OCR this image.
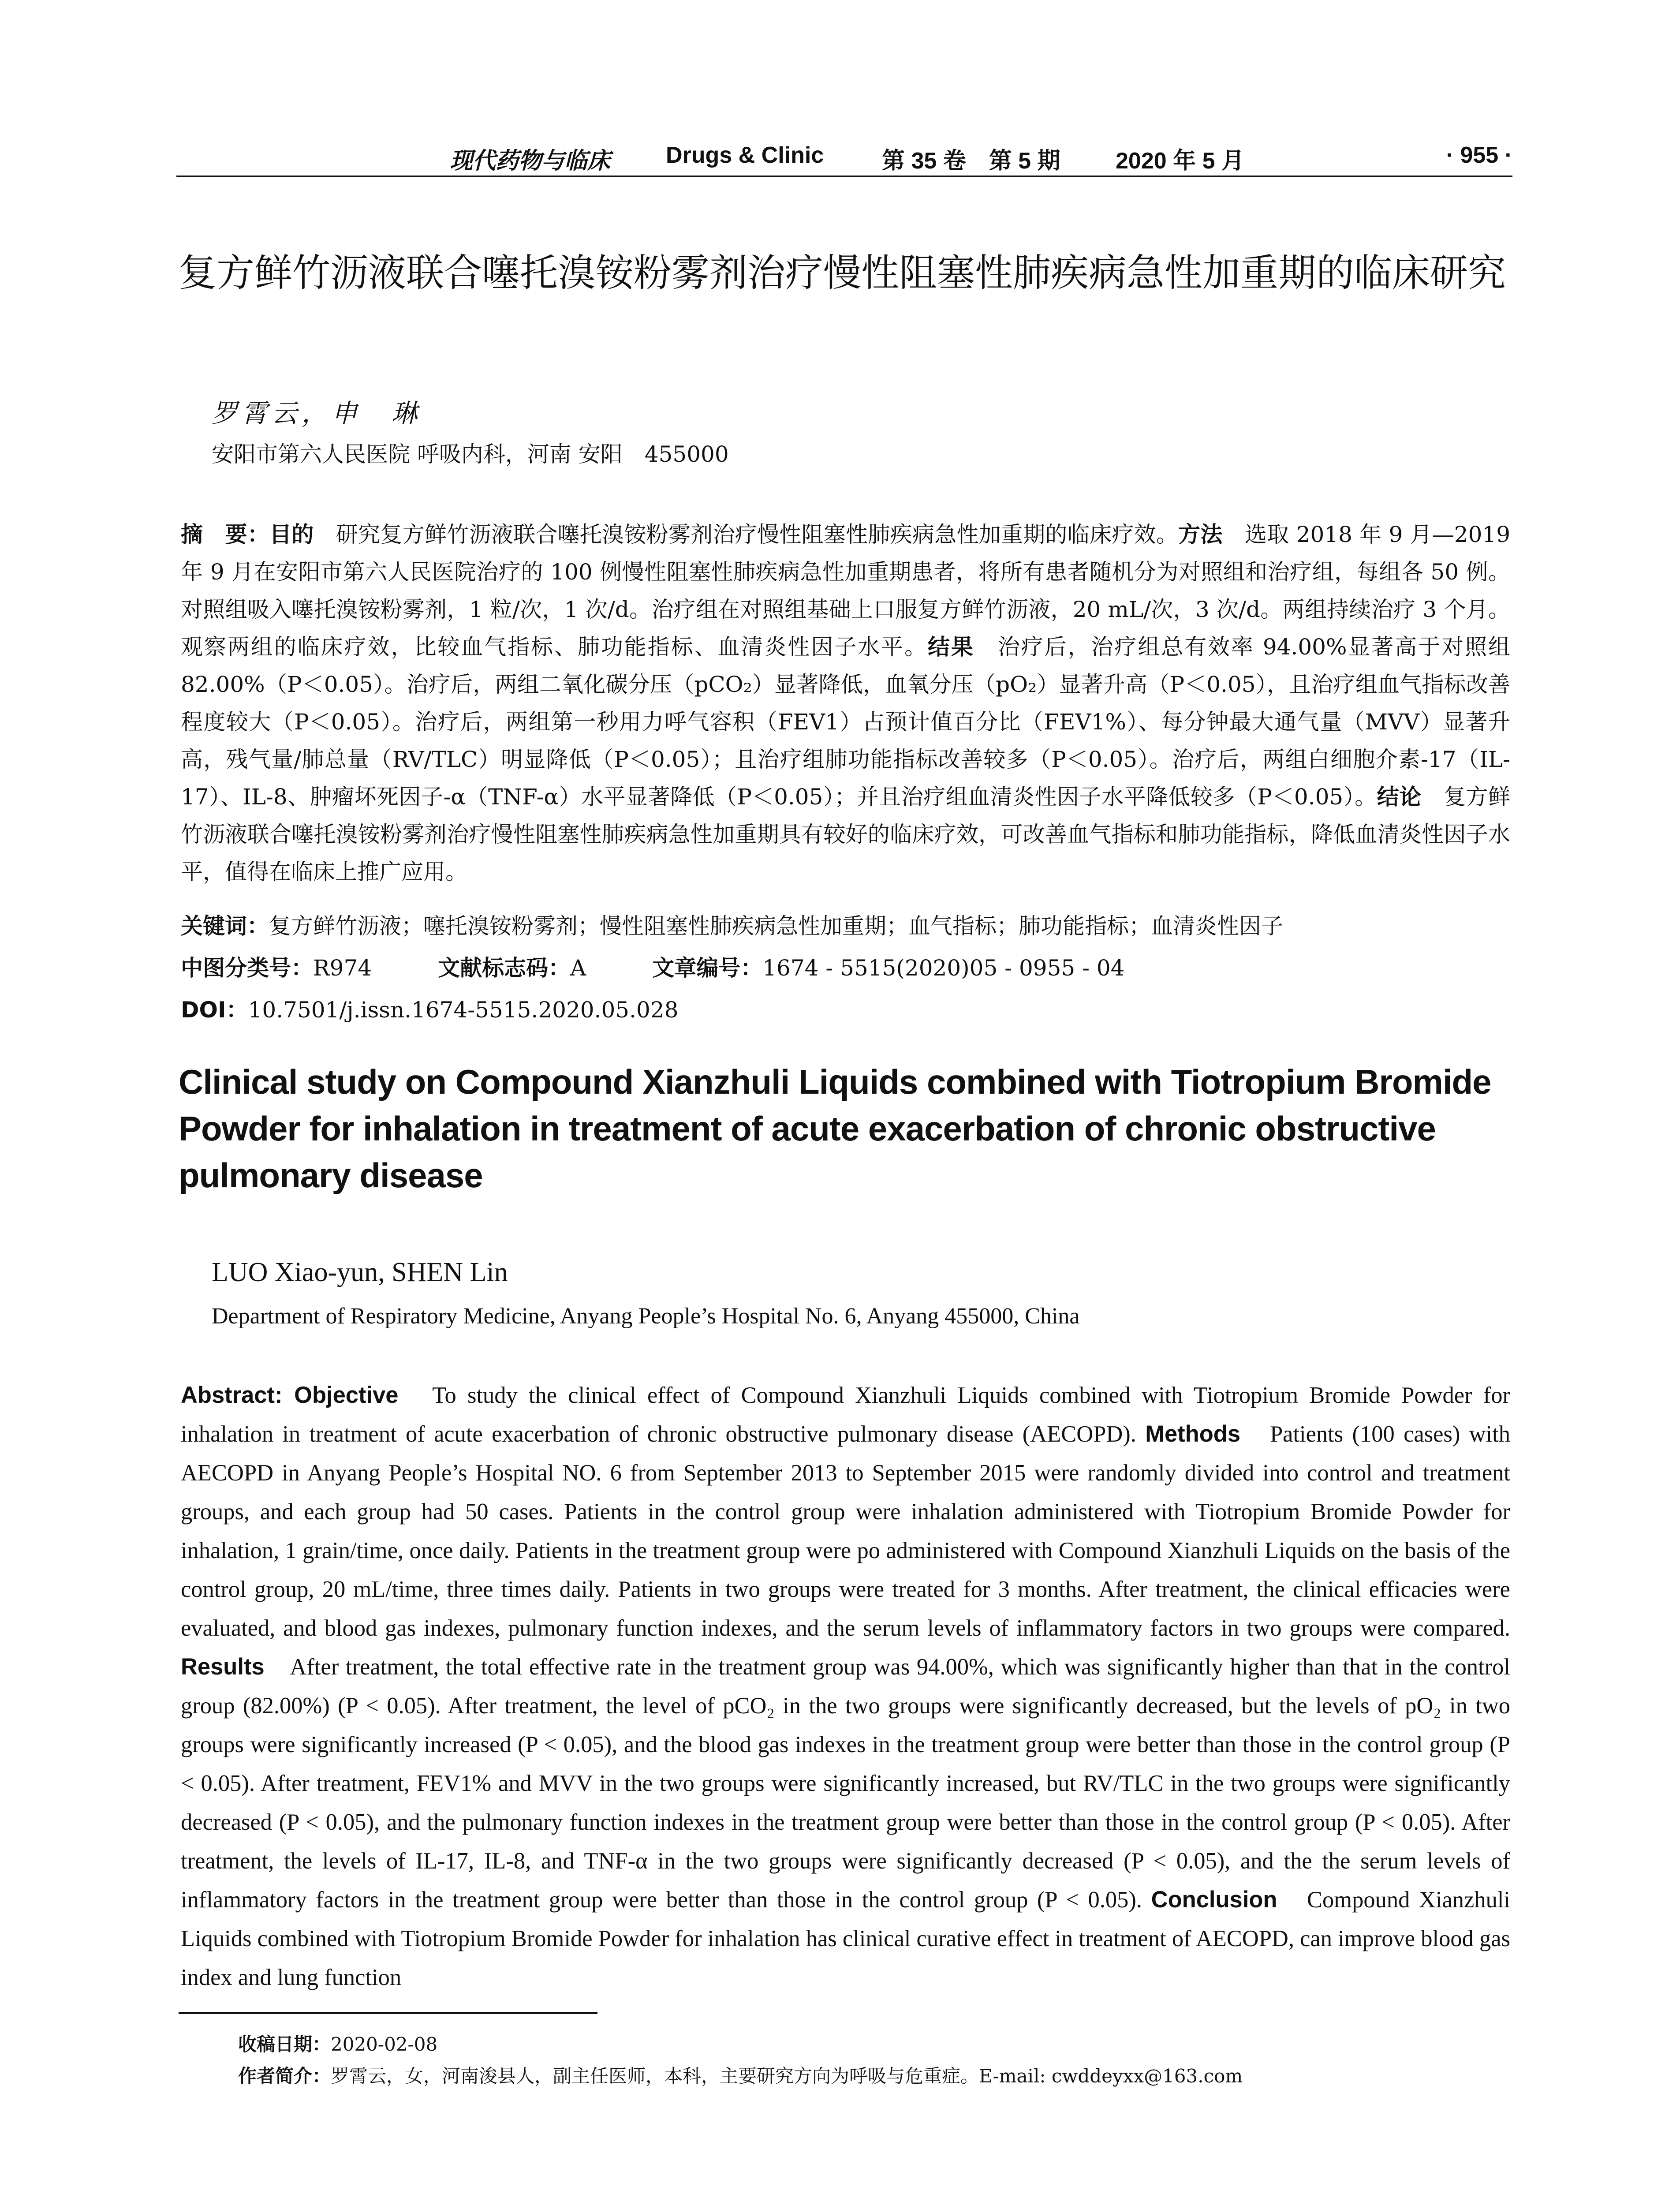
现代药物与临床 Drugs & Clinic	第 35 卷　第 5 期 2020 年 5 月	· 955 ·
复方鲜竹沥液联合噻托溴铵粉雾剂治疗慢性阻塞性肺疾病急性加重期的临床研究
罗霄云，申　琳
安阳市第六人民医院 呼吸内科，河南 安阳　455000

摘　要：目的　研究复方鲜竹沥液联合噻托溴铵粉雾剂治疗慢性阻塞性肺疾病急性加重期的临床疗效。方法　选取 2018 年 9 月—2019 年 9 月在安阳市第六人民医院治疗的 100 例慢性阻塞性肺疾病急性加重期患者，将所有患者随机分为对照组和治疗组，每组各 50 例。对照组吸入噻托溴铵粉雾剂，1 粒/次，1 次/d。治疗组在对照组基础上口服复方鲜竹沥液，20 mL/次，3 次/d。两组持续治疗 3 个月。观察两组的临床疗效，比较血气指标、肺功能指标、血清炎性因子水平。结果　治疗后，治疗组总有效率 94.00%显著高于对照组 82.00%（P＜0.05）。治疗后，两组二氧化碳分压（pCO₂）显著降低，血氧分压（pO₂）显著升高（P＜0.05），且治疗组血气指标改善程度较大（P＜0.05）。治疗后，两组第一秒用力呼气容积（FEV1）占预计值百分比（FEV1%）、每分钟最大通气量（MVV）显著升高，残气量/肺总量（RV/TLC）明显降低（P＜0.05）；且治疗组肺功能指标改善较多（P＜0.05）。治疗后，两组白细胞介素-17（IL-17）、IL-8、肿瘤坏死因子-α（TNF-α）水平显著降低（P＜0.05）；并且治疗组血清炎性因子水平降低较多（P＜0.05）。结论　复方鲜竹沥液联合噻托溴铵粉雾剂治疗慢性阻塞性肺疾病急性加重期具有较好的临床疗效，可改善血气指标和肺功能指标，降低血清炎性因子水平，值得在临床上推广应用。

关键词：复方鲜竹沥液；噻托溴铵粉雾剂；慢性阻塞性肺疾病急性加重期；血气指标；肺功能指标；血清炎性因子
中图分类号：R974	文献标志码：A	文章编号：1674 - 5515(2020)05 - 0955 - 04
DOI：10.7501/j.issn.1674-5515.2020.05.028
Clinical study on Compound Xianzhuli Liquids combined with Tiotropium Bromide Powder for inhalation in treatment of acute exacerbation of chronic obstructive pulmonary disease
LUO Xiao-yun, SHEN Lin
Department of Respiratory Medicine, Anyang People’s Hospital No. 6, Anyang 455000, China

Abstract: Objective　To study the clinical effect of Compound Xianzhuli Liquids combined with Tiotropium Bromide Powder for inhalation in treatment of acute exacerbation of chronic obstructive pulmonary disease (AECOPD). Methods　Patients (100 cases) with AECOPD in Anyang People’s Hospital NO. 6 from September 2013 to September 2015 were randomly divided into control and treatment groups, and each group had 50 cases. Patients in the control group were inhalation administered with Tiotropium Bromide Powder for inhalation, 1 grain/time, once daily. Patients in the treatment group were po administered with Compound Xianzhuli Liquids on the basis of the control group, 20 mL/time, three times daily. Patients in two groups were treated for 3 months. After treatment, the clinical efficacies were evaluated, and blood gas indexes, pulmonary function indexes, and the serum levels of inflammatory factors in two groups were compared. Results　After treatment, the total effective rate in the treatment group was 94.00%, which was significantly higher than that in the control group (82.00%) (P < 0.05). After treatment, the level of pCO₂ in the two groups were significantly decreased, but the levels of pO₂ in two groups were significantly increased (P < 0.05), and the blood gas indexes in the treatment group were better than those in the control group (P < 0.05). After treatment, FEV1% and MVV in the two groups were significantly increased, but RV/TLC in the two groups were significantly decreased (P < 0.05), and the pulmonary function indexes in the treatment group were better than those in the control group (P < 0.05). After treatment, the levels of IL-17, IL-8, and TNF-α in the two groups were significantly decreased (P < 0.05), and the the serum levels of inflammatory factors in the treatment group were better than those in the control group (P < 0.05). Conclusion　Compound Xianzhuli Liquids combined with Tiotropium Bromide Powder for inhalation has clinical curative effect in treatment of AECOPD, can improve blood gas index and lung function

收稿日期：2020-02-08

作者简介：罗霄云，女，河南浚县人，副主任医师，本科，主要研究方向为呼吸与危重症。E-mail: cwddeyxx@163.com
